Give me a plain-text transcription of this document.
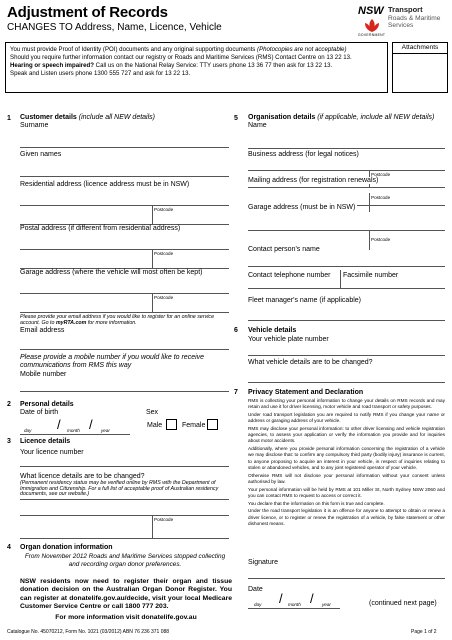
Adjustment of Records
CHANGES TO Address, Name, Licence, Vehicle
NSW Transport
Roads & Maritime
Services
GOVERNMENT
You must provide Proof of Identity (POI) documents and any original supporting documents (Photocopies are not acceptable)
Should you require further information contact our registry or Roads and Maritime Services (RMS) Contact Centre on 13 22 13.
Hearing or speech impaired? Call us on the National Relay Service: TTY users phone 13 36 77 then ask for 13 22 13.
Speak and Listen users phone 1300 555 727 and ask for 13 22 13.
Attachments
1 Customer details (include all NEW details)
Surname
Given names
Residential address (licence address must be in NSW)
Postcode
Postal address (if different from residential address)
Postcode
Garage address (where the vehicle will most often be kept)
Postcode
Please provide your email address if you would like to register for an online service account. Go to myRTA.com for more information.
Email address
Please provide a mobile number if you would like to receive communications from RMS this way
Mobile number
2 Personal details
Date of birth	Sex
/ /
day	month	year
Male	Female
3 Licence details
Your licence number
What licence details are to be changed?
(Permanent residency status may be verified online by RMS with the Department of Immigration and Citizenship. For a full list of acceptable proof of Australian residency documents, see our website.)
Postcode
4 Organ donation information
From November 2012 Roads and Maritime Services stopped collecting and recording organ donor preferences.
NSW residents now need to register their organ and tissue donation decision on the Australian Organ Donor Register. You can register at donatelife.gov.au/decide, visit your local Medicare Customer Service Centre or call 1800 777 203.
For more information visit donatelife.gov.au
5 Organisation details (if applicable, include all NEW details)
Name
Business address (for legal notices)
Postcode
Mailing address (for registration renewals)
Postcode
Garage address (must be in NSW)
Postcode
Contact person's name
Contact telephone number Facsimile number
Fleet manager's name (if applicable)
6 Vehicle details
Your vehicle plate number
What vehicle details are to be changed?
7 Privacy Statement and Declaration

RMS is collecting your personal information to change your details on RMS records and may retain and use it for driver licensing, motor vehicle and road transport or safety purposes.

Under road transport legislation you are required to notify RMS if you change your name or address or garaging address of your vehicle.

RMS may disclose your personal information: to other driver licensing and vehicle registration agencies, to assess your application or verify the information you provide and for inquiries about motor accidents.

Additionally, where you provide personal information concerning the registration of a vehicle we may disclose that: to confirm any compulsory third party (bodily injury) insurance is current, to anyone proposing to acquire an interest in your vehicle, in respect of inquiries relating to stolen or abandoned vehicles, and to any joint registered operator of your vehicle.

Otherwise RMS will not disclose your personal information without your consent unless authorised by law.

Your personal information will be held by RMS at 101 Miller St, North Sydney NSW 2060 and you can contact RMS to request to access or correct it.

You declare that the information on this form is true and complete.

Under the road transport legislation it is an offence for anyone to attempt to obtain or renew a driver licence, or to register or renew the registration of a vehicle, by false statement or other dishonest means.

Signature
Date
/ /
day	month	year	(continued next page)
Catalogue No. 45070212, Form No. 1021 (03/2012) ABN 76 236 371 088	Page 1 of 2
